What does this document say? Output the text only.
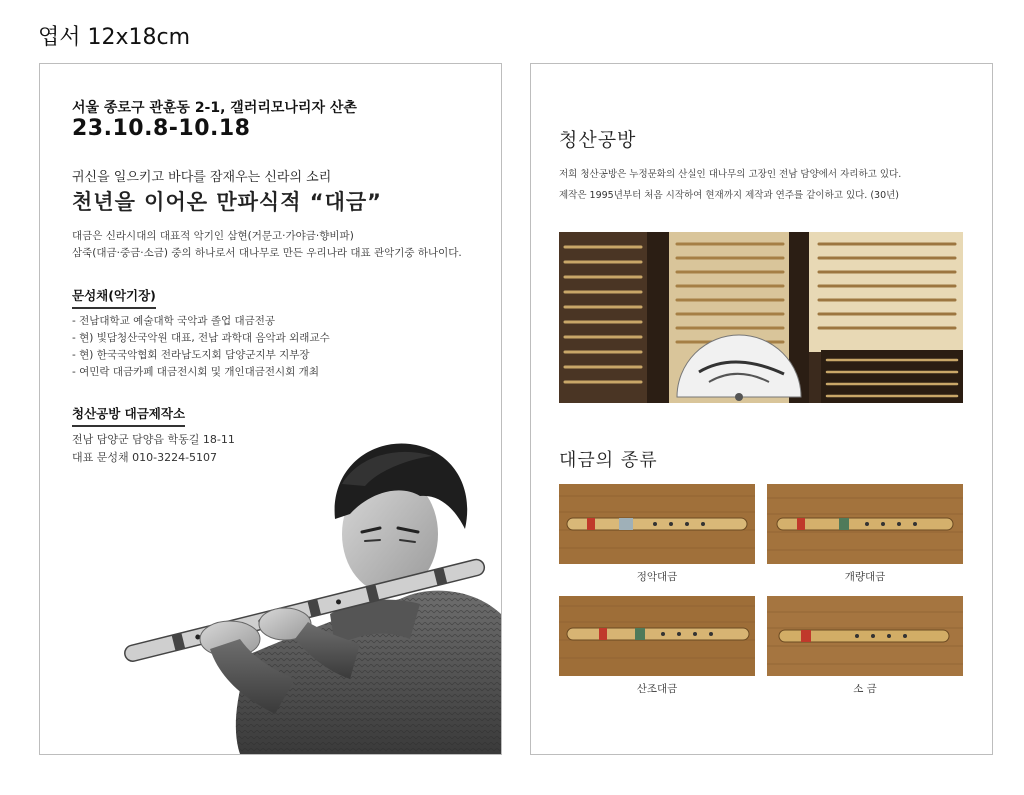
엽서 12x18cm
서울 종로구 관훈동 2-1, 갤러리모나리자 산촌
23.10.8-10.18
귀신을 일으키고 바다를 잠재우는 신라의 소리
천년을 이어온 만파식적 “대금”
대금은 신라시대의 대표적 악기인 삼현(거문고·가야금·향비파)
삼죽(대금·중금·소금) 중의 하나로서 대나무로 만든 우리나라 대표 관악기중 하나이다.
문성채(악기장)
- 전남대학교 예술대학 국악과 졸업 대금전공
- 현) 빛담청산국악원 대표, 전남 과학대 음악과 외래교수
- 현) 한국국악협회 전라남도지회 담양군지부 지부장
- 여민락 대금카페 대금전시회 및 개인대금전시회 개최
청산공방 대금제작소
전남 담양군 담양읍 학동길 18-11
대표 문성채 010-3224-5107
청산공방
저희 청산공방은 누정문화의 산실인 대나무의 고장인 전남 담양에서 자리하고 있다.
제작은 1995년부터 처음 시작하여 현재까지 제작과 연주를 같이하고 있다. (30년)
대금의 종류
정악대금	개량대금
산조대금	소 금
